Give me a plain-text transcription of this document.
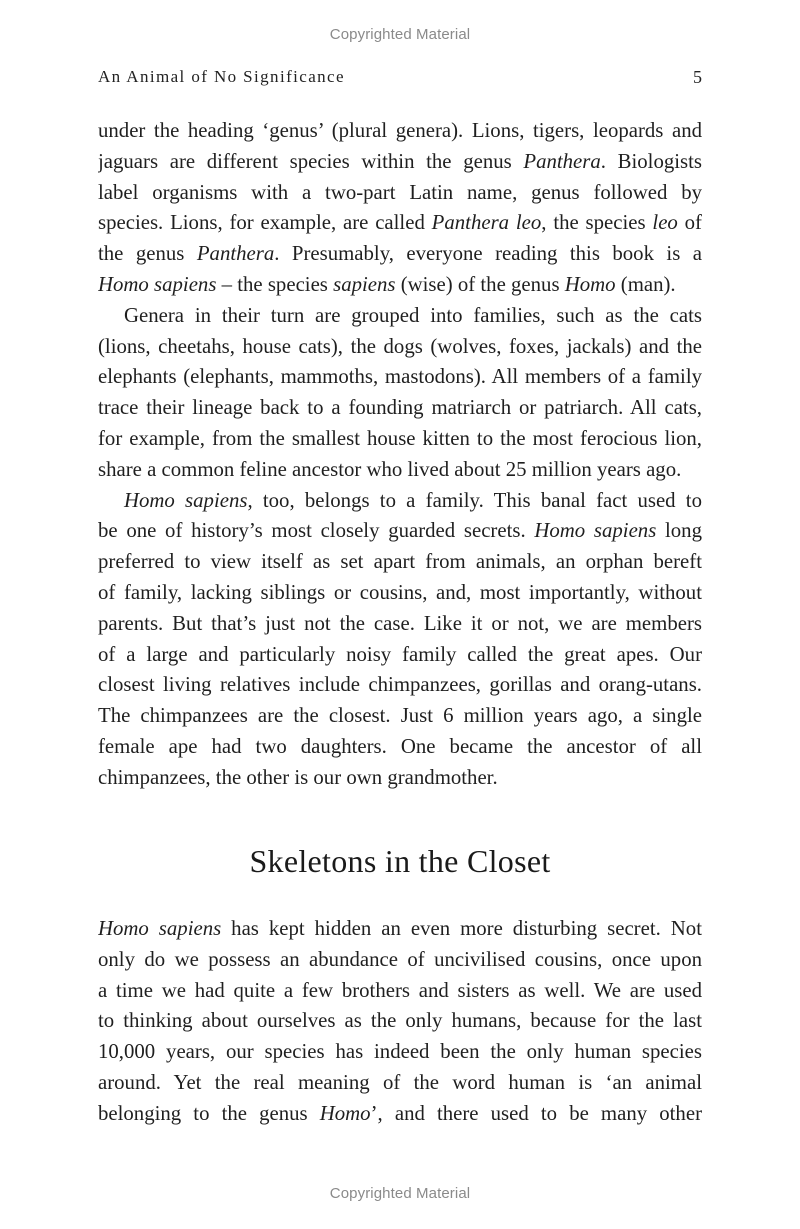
Copyrighted Material
An Animal of No Significance	5
under the heading ‘genus’ (plural genera). Lions, tigers, leopards and
jaguars are different species within the genus Panthera. Biologists
label organisms with a two-part Latin name, genus followed by
species. Lions, for example, are called Panthera leo, the species leo of
the genus Panthera. Presumably, everyone reading this book is a
Homo sapiens – the species sapiens (wise) of the genus Homo (man).
Genera in their turn are grouped into families, such as the cats
(lions, cheetahs, house cats), the dogs (wolves, foxes, jackals) and the
elephants (elephants, mammoths, mastodons). All members of a family
trace their lineage back to a founding matriarch or patriarch. All cats,
for example, from the smallest house kitten to the most ferocious lion,
share a common feline ancestor who lived about 25 million years ago.
Homo sapiens, too, belongs to a family. This banal fact used to
be one of history’s most closely guarded secrets. Homo sapiens long
preferred to view itself as set apart from animals, an orphan bereft
of family, lacking siblings or cousins, and, most importantly, without
parents. But that’s just not the case. Like it or not, we are members
of a large and particularly noisy family called the great apes. Our
closest living relatives include chimpanzees, gorillas and orang-utans.
The chimpanzees are the closest. Just 6 million years ago, a single
female ape had two daughters. One became the ancestor of all
chimpanzees, the other is our own grandmother.
Skeletons in the Closet
Homo sapiens has kept hidden an even more disturbing secret. Not
only do we possess an abundance of uncivilised cousins, once upon
a time we had quite a few brothers and sisters as well. We are used
to thinking about ourselves as the only humans, because for the last
10,000 years, our species has indeed been the only human species
around. Yet the real meaning of the word human is ‘an animal
belonging to the genus Homo’, and there used to be many other
Copyrighted Material
